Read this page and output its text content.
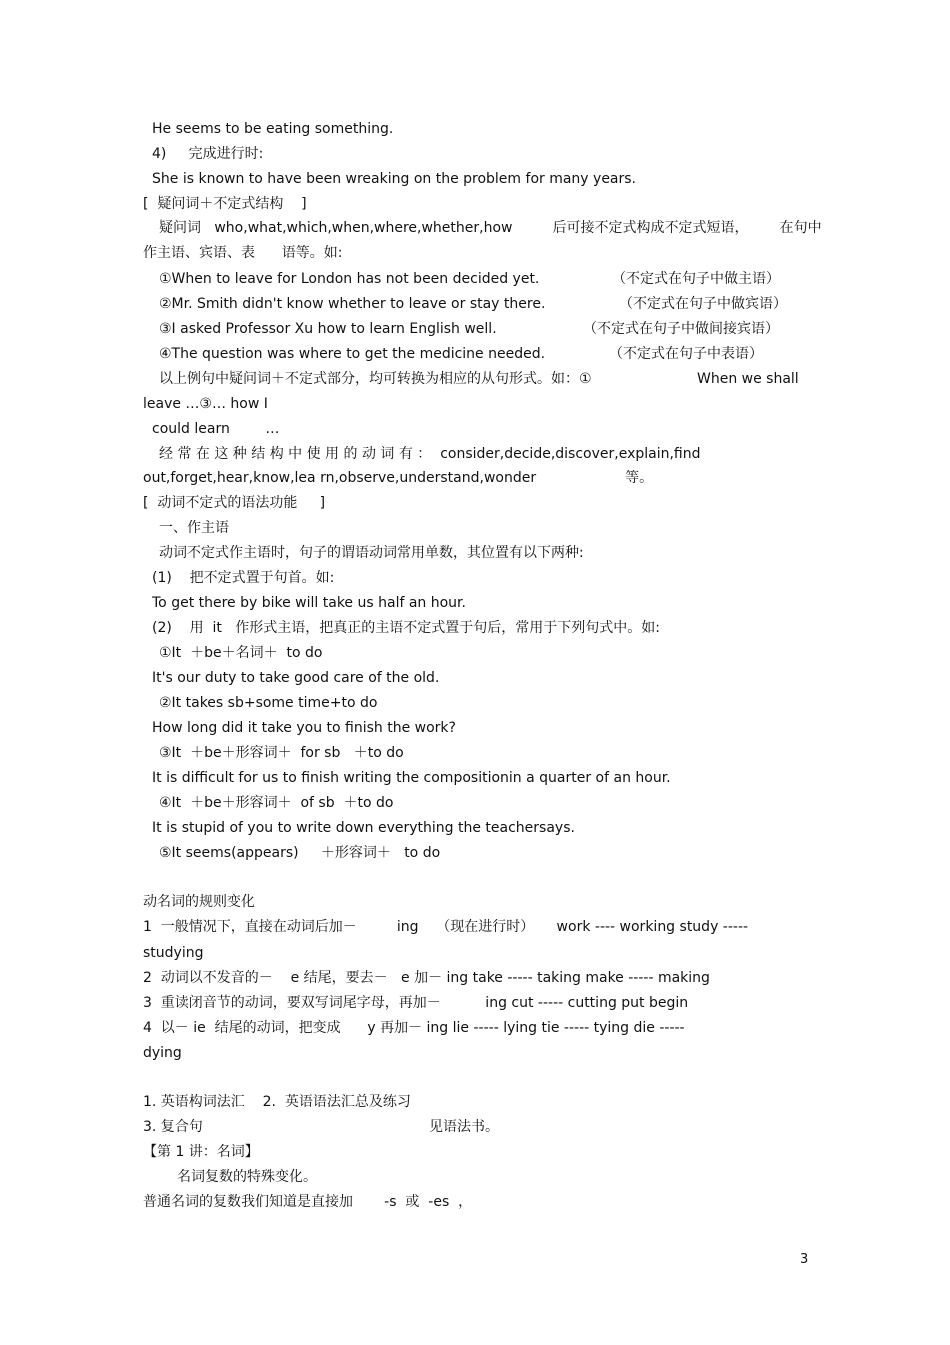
He seems to be eating something.
4)     完成进行时:
She is known to have been wreaking on the problem for many years.
[  疑问词＋不定式结构    ]
疑问词   who,what,which,when,where,whether,how         后可接不定式构成不定式短语，       在句中
作主语、宾语、表      语等。如:
①When to leave for London has not been decided yet.	（不定式在句子中做主语）
②Mr. Smith didn't know whether to leave or stay there.	（不定式在句子中做宾语）
③I asked Professor Xu how to learn English well.	（不定式在句子中做间接宾语）
④The question was where to get the medicine needed.	（不定式在句子中表语）
以上例句中疑问词＋不定式部分，均可转换为相应的从句形式。如：①	When we shall
leave …③… how I
could learn        …
经 常 在 这 种 结 构 中 使 用 的 动 词 有 ：  consider,decide,discover,explain,find
out,forget,hear,know,lea rn,observe,understand,wonder                    等。
[  动词不定式的语法功能     ]
一、作主语
动词不定式作主语时，句子的谓语动词常用单数，其位置有以下两种:
(1)    把不定式置于句首。如:
To get there by bike will take us half an hour.
(2)    用  it   作形式主语，把真正的主语不定式置于句后，常用于下列句式中。如:
①It  ＋be＋名词＋  to do
It's our duty to take good care of the old.
②It takes sb+some time+to do
How long did it take you to finish the work?
③It  ＋be＋形容词＋  for sb   ＋to do
It is difficult for us to finish writing the compositionin a quarter of an hour.
④It  ＋be＋形容词＋  of sb  ＋to do
It is stupid of you to write down everything the teachersays.
⑤It seems(appears)     ＋形容词＋   to do
动名词的规则变化
1  一般情况下，直接在动词后加－         ing    （现在进行时）     work ---- working study -----
studying
2  动词以不发音的－    e 结尾，要去－   e 加－ ing take ----- taking make ----- making
3  重读闭音节的动词，要双写词尾字母，再加－          ing cut ----- cutting put begin
4  以－ ie  结尾的动词，把变成      y 再加－ ing lie ----- lying tie ----- tying die -----
dying
1. 英语构词法汇    2.  英语语法汇总及练习
3. 复合句	见语法书。
【第 1 讲：名词】
名词复数的特殊变化。
普通名词的复数我们知道是直接加       -s  或  -es  ，
3
